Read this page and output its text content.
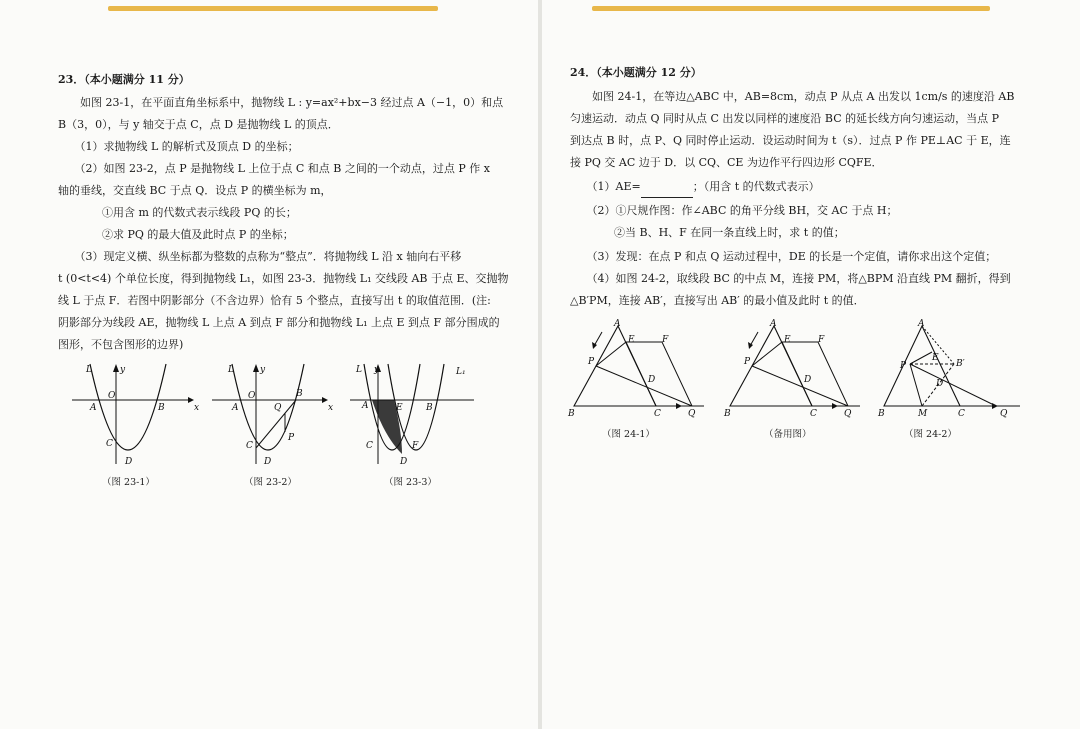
23．（本小题满分 11 分）
　　如图 23-1，在平面直角坐标系中，抛物线 L : y=ax²+bx−3 经过点 A（−1，0）和点
B（3，0），与 y 轴交于点 C，点 D 是抛物线 L 的顶点．
　　（1）求抛物线 L 的解析式及顶点 D 的坐标；
　　（2）如图 23-2，点 P 是抛物线 L 上位于点 C 和点 B 之间的一个动点，过点 P 作 x
轴的垂线，交直线 BC 于点 Q．设点 P 的横坐标为 m，
　　　　①用含 m 的代数式表示线段 PQ 的长；
　　　　②求 PQ 的最大值及此时点 P 的坐标；
　　（3）现定义横、纵坐标都为整数的点称为“整点”．将抛物线 L 沿 x 轴向右平移
t (0<t<4) 个单位长度，得到抛物线 L₁，如图 23-3．抛物线 L₁ 交线段 AB 于点 E、交抛物
线 L 于点 F．若图中阴影部分（不含边界）恰有 5 个整点，直接写出 t 的取值范围．(注:
阴影部分为线段 AE，抛物线 L 上点 A 到点 F 部分和抛物线 L₁ 上点 E 到点 F 部分围成的
图形，不包含图形的边界)
L	y
x
O
A	B
C
D
L	y
x
O
A	Q
B
P
C
D
L y	L₁
A	E	B
C	F
D
（图 23-1）	（图 23-2）	（图 23-3）
24．（本小题满分 12 分）
　　如图 24-1，在等边△ABC 中，AB=8cm，动点 P 从点 A 出发以 1cm/s 的速度沿 AB
匀速运动．动点 Q 同时从点 C 出发以同样的速度沿 BC 的延长线方向匀速运动，当点 P
到达点 B 时，点 P、Q 同时停止运动．设运动时间为 t（s）．过点 P 作 PE⊥AC 于 E，连
接 PQ 交 AC 边于 D．以 CQ、CE 为边作平行四边形 CQFE．
　　（1）AE=	；（用含 t 的代数式表示）
　　（2）①尺规作图：作∠ABC 的角平分线 BH，交 AC 于点 H；
　　　　②当 B、H、F 在同一条直线上时，求 t 的值；
　　（3）发现：在点 P 和点 Q 运动过程中，DE 的长是一个定值，请你求出这个定值；
　　（4）如图 24-2，取线段 BC 的中点 M，连接 PM，将△BPM 沿直线 PM 翻折，得到
△B′PM，连接 AB′，直接写出 AB′ 的最小值及此时 t 的值．
A
E	F
P
D
B	C	Q
A
E	F
P
D
B	C	Q
A
E
B′
P
D
B	M	C	Q
（图 24-1）	（备用图）	（图 24-2）
